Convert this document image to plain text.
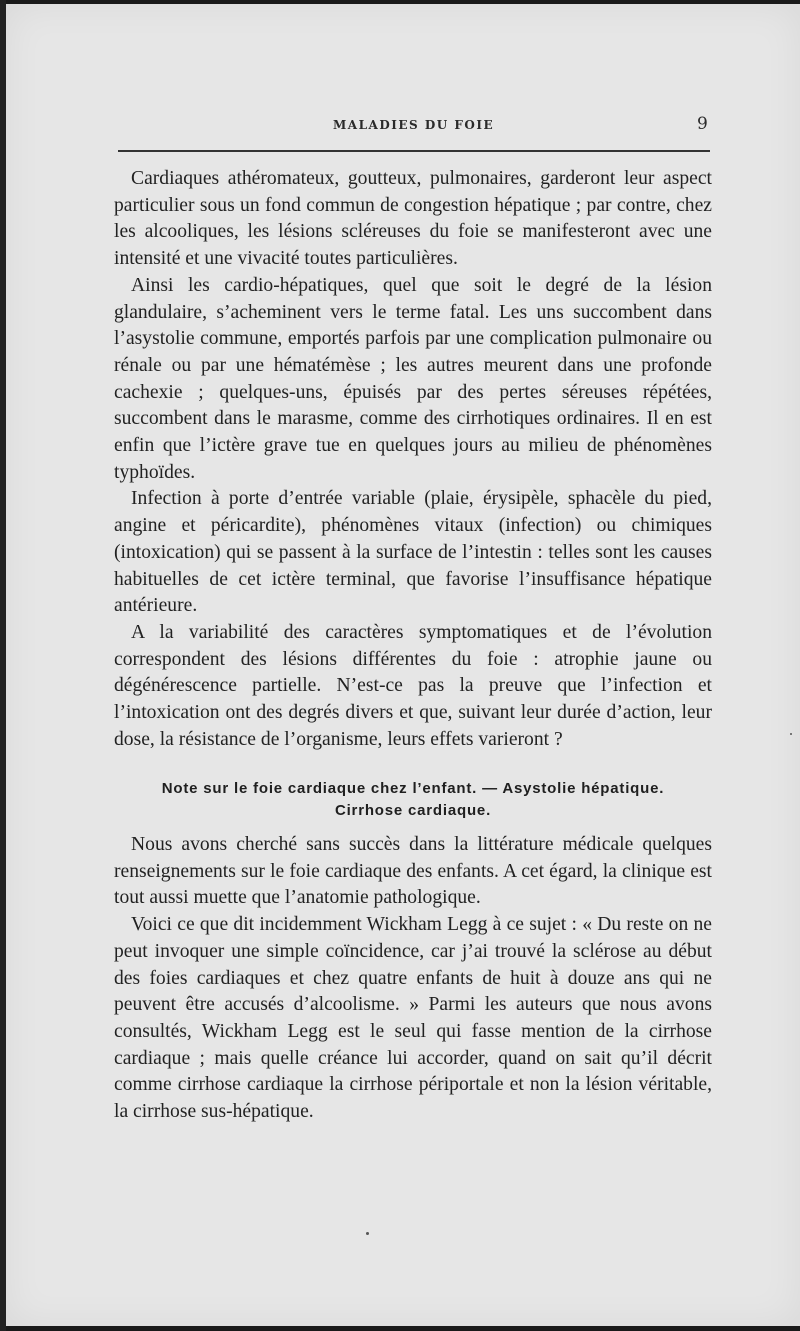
MALADIES DU FOIE	9

Cardiaques athéromateux, goutteux, pulmonaires, garderont leur aspect particulier sous un fond commun de congestion hépatique ; par contre, chez les alcooliques, les lésions scléreuses du foie se manifesteront avec une intensité et une vivacité toutes particulières.

Ainsi les cardio-hépatiques, quel que soit le degré de la lésion glandulaire, s’acheminent vers le terme fatal. Les uns succombent dans l’asystolie commune, emportés parfois par une complication pulmonaire ou rénale ou par une hématémèse ; les autres meurent dans une profonde cachexie ; quelques-uns, épuisés par des pertes séreuses répétées, succombent dans le marasme, comme des cirrhotiques ordinaires. Il en est enfin que l’ictère grave tue en quelques jours au milieu de phénomènes typhoïdes.

Infection à porte d’entrée variable (plaie, érysipèle, sphacèle du pied, angine et péricardite), phénomènes vitaux (infection) ou chimiques (intoxication) qui se passent à la surface de l’intestin : telles sont les causes habituelles de cet ictère terminal, que favorise l’insuffisance hépatique antérieure.

A la variabilité des caractères symptomatiques et de l’évolution correspondent des lésions différentes du foie : atrophie jaune ou dégénérescence partielle. N’est-ce pas la preuve que l’infection et l’intoxication ont des degrés divers et que, suivant leur durée d’action, leur dose, la résistance de l’organisme, leurs effets varieront ?

Note sur le foie cardiaque chez l’enfant. — Asystolie hépatique.
Cirrhose cardiaque.

Nous avons cherché sans succès dans la littérature médicale quelques renseignements sur le foie cardiaque des enfants. A cet égard, la clinique est tout aussi muette que l’anatomie pathologique.

Voici ce que dit incidemment Wickham Legg à ce sujet : « Du reste on ne peut invoquer une simple coïncidence, car j’ai trouvé la sclérose au début des foies cardiaques et chez quatre enfants de huit à douze ans qui ne peuvent être accusés d’alcoolisme. » Parmi les auteurs que nous avons consultés, Wickham Legg est le seul qui fasse mention de la cirrhose cardiaque ; mais quelle créance lui accorder, quand on sait qu’il décrit comme cirrhose cardiaque la cirrhose périportale et non la lésion véritable, la cirrhose sus-hépatique.
